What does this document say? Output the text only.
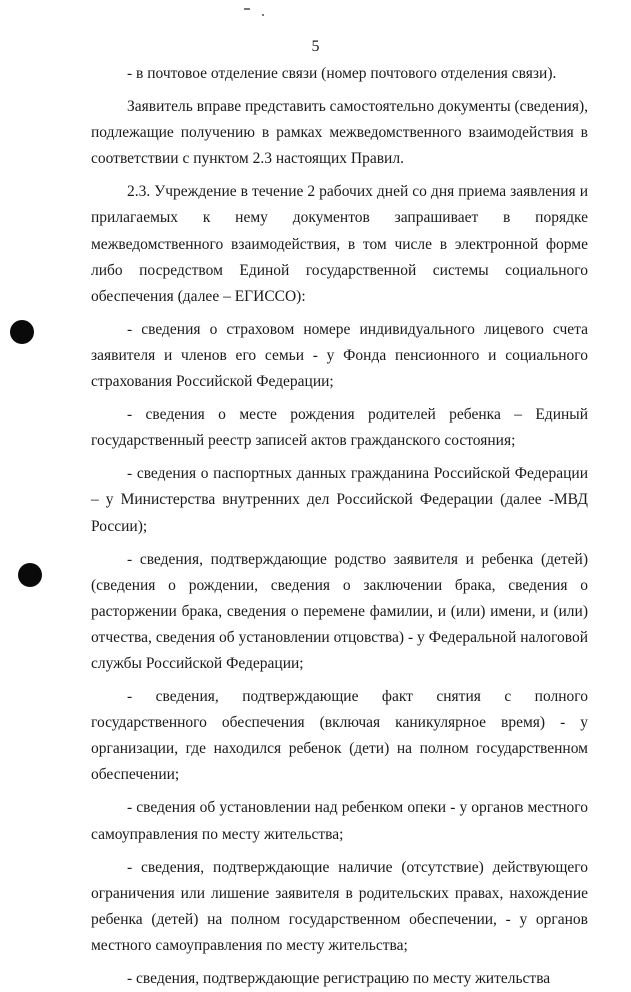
5

- в почтовое отделение связи (номер почтового отделения связи).

Заявитель вправе представить самостоятельно документы (сведения), подлежащие получению в рамках межведомственного взаимодействия в соответствии с пунктом 2.3 настоящих Правил.

2.3. Учреждение в течение 2 рабочих дней со дня приема заявления и прилагаемых к нему документов запрашивает в порядке межведомственного взаимодействия, в том числе в электронной форме либо посредством Единой государственной системы социального обеспечения (далее – ЕГИССО):

- сведения о страховом номере индивидуального лицевого счета заявителя и членов его семьи - у Фонда пенсионного и социального страхования Российской Федерации;

- сведения о месте рождения родителей ребенка – Единый государственный реестр записей актов гражданского состояния;

- сведения о паспортных данных гражданина Российской Федерации – у Министерства внутренних дел Российской Федерации (далее -МВД России);

- сведения, подтверждающие родство заявителя и ребенка (детей) (сведения о рождении, сведения о заключении брака, сведения о расторжении брака, сведения о перемене фамилии, и (или) имени, и (или) отчества, сведения об установлении отцовства) - у Федеральной налоговой службы Российской Федерации;

- сведения, подтверждающие факт снятия с полного государственного обеспечения (включая каникулярное время) - у организации, где находился ребенок (дети) на полном государственном обеспечении;

- сведения об установлении над ребенком опеки - у органов местного самоуправления по месту жительства;

- сведения, подтверждающие наличие (отсутствие) действующего ограничения или лишение заявителя в родительских правах, нахождение ребенка (детей) на полном государственном обеспечении, - у органов местного самоуправления по месту жительства;

- сведения, подтверждающие регистрацию по месту жительства
